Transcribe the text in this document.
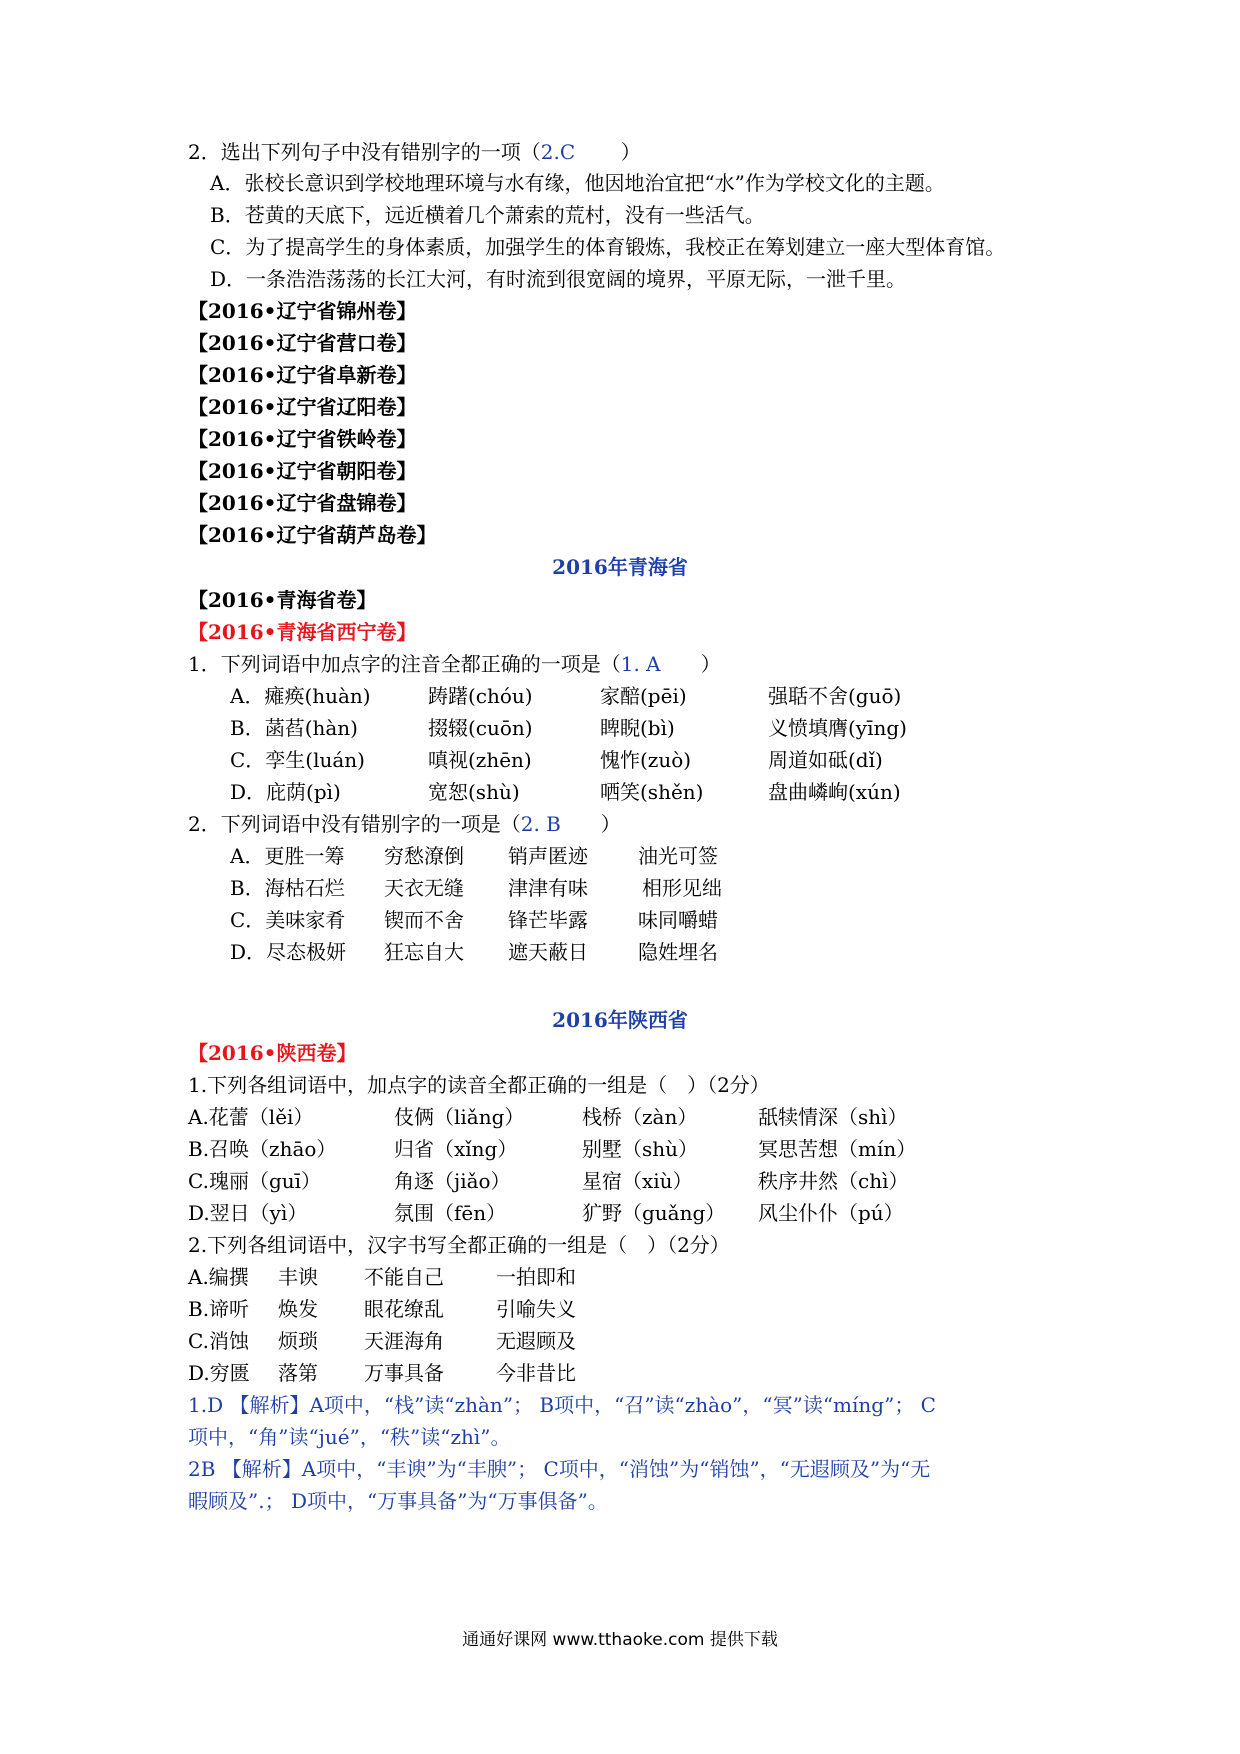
2．选出下列句子中没有错别字的一项（2.C ）
A．张校长意识到学校地理环境与水有缘，他因地治宜把“水”作为学校文化的主题。
B．苍黄的天底下，远近横着几个萧索的荒村，没有一些活气。
C．为了提高学生的身体素质，加强学生的体育锻炼，我校正在筹划建立一座大型体育馆。
D．一条浩浩荡荡的长江大河，有时流到很宽阔的境界，平原无际，一泄千里。
【2016•辽宁省锦州卷】
【2016•辽宁省营口卷】
【2016•辽宁省阜新卷】
【2016•辽宁省辽阳卷】
【2016•辽宁省铁岭卷】
【2016•辽宁省朝阳卷】
【2016•辽宁省盘锦卷】
【2016•辽宁省葫芦岛卷】
2016年青海省
【2016•青海省卷】
【2016•青海省西宁卷】
1．下列词语中加点字的注音全都正确的一项是（1. A ）
A．瘫痪(huàn)	踌躇(chóu)	家醅(pēi)	强聒不舍(guō)
B．菡萏(hàn)	掇辍(cuōn)	睥睨(bì)	义愤填膺(yīng)
C．孪生(luán)	嗔视(zhēn)	愧怍(zuò)	周道如砥(dǐ)
D．庇荫(pì)	宽恕(shù)	哂笑(shěn)	盘曲嶙峋(xún)
2．下列词语中没有错别字的一项是（2. B ）
A．更胜一筹 穷愁潦倒 销声匿迹	油光可签
B．海枯石烂 天衣无缝 津津有味	相形见绌
C．美味家肴 锲而不舍 锋芒毕露	味同嚼蜡
D．尽态极妍 狂忘自大 遮天蔽日	隐姓埋名
2016年陕西省
【2016•陕西卷】
1.下列各组词语中，加点字的读音全都正确的一组是（　）（2分）
A.花蕾（lěi）	伎俩（liǎng）	栈桥（zàn）	舐犊情深（shì）
B.召唤（zhāo）	归省（xǐng）	别墅（shù）	冥思苦想（mín）
C.瑰丽（guī）	角逐（jiǎo）	星宿（xiù）	秩序井然（chì）
D.翌日（yì）	氛围（fēn）	犷野（guǎng） 风尘仆仆（pú）
2.下列各组词语中，汉字书写全都正确的一组是（　）（2分）
A.编撰 丰谀 不能自己	一拍即和
B.谛听 焕发 眼花缭乱	引喻失义
C.消蚀 烦琐 天涯海角	无遐顾及
D.穷匮 落第 万事具备	今非昔比
1.D 【解析】A项中，“栈”读“zhàn”； B项中，“召”读“zhào”，“冥”读“míng”； C
项中，“角”读“jué”，“秩”读“zhì”。
2B 【解析】A项中，“丰谀”为“丰腴”； C项中，“消蚀”为“销蚀”，“无遐顾及”为“无
暇顾及”.； D项中，“万事具备”为“万事俱备”。
通通好课网 www.tthaoke.com 提供下载
